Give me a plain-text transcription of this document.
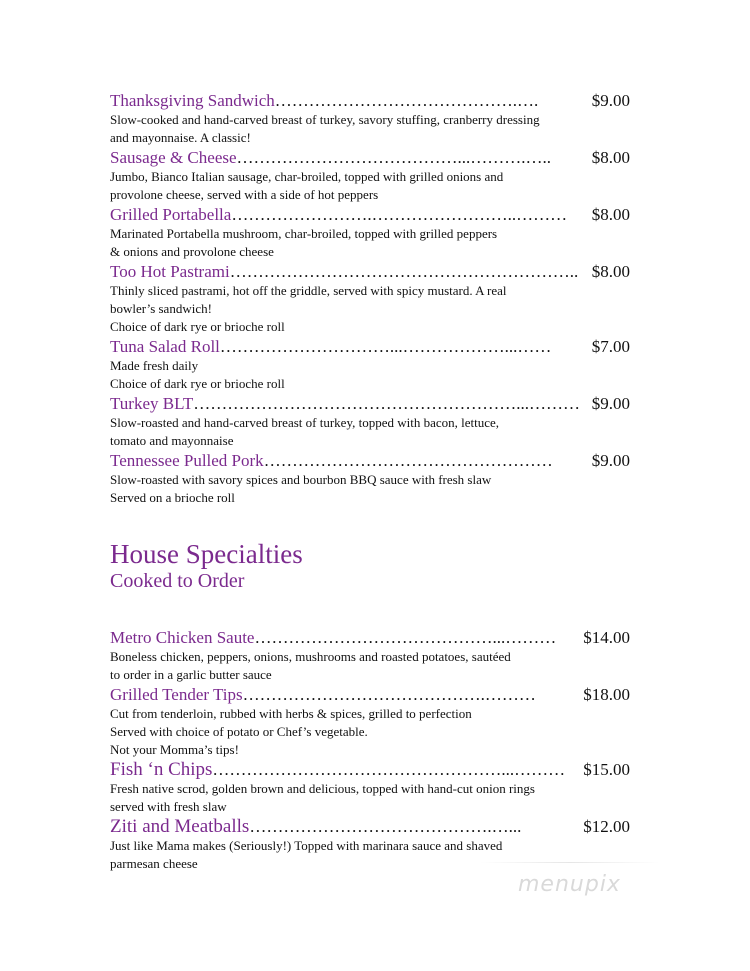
Thanksgiving Sandwich …………………………………….….	$9.00
Slow-cooked and hand-carved breast of turkey, savory stuffing, cranberry dressing
and mayonnaise. A classic!
Sausage & Cheese …………………………………...……….…..	$8.00
Jumbo, Bianco Italian sausage, char-broiled, topped with grilled onions and
provolone cheese, served with a side of hot peppers
Grilled Portabella …………………….……………………..………	$8.00
Marinated Portabella mushroom, char-broiled, topped with grilled peppers
& onions and provolone cheese
Too Hot Pastrami …………………………………………………….. $8.00
Thinly sliced pastrami, hot off the griddle, served with spicy mustard. A real
bowler’s sandwich!
Choice of dark rye or brioche roll
Tuna Salad Roll …………………………...………………...……	$7.00
Made fresh daily
Choice of dark rye or brioche roll
Turkey BLT …………………………………………………...……… $9.00
Slow-roasted and hand-carved breast of turkey, topped with bacon, lettuce,
tomato and mayonnaise
Tennessee Pulled Pork ……………………………………………	$9.00
Slow-roasted with savory spices and bourbon BBQ sauce with fresh slaw
Served on a brioche roll
House Specialties
Cooked to Order
Metro Chicken Saute ……………………………………...………	$14.00
Boneless chicken, peppers, onions, mushrooms and roasted potatoes, sautéed
to order in a garlic butter sauce
Grilled Tender Tips …………………………………….………	$18.00
Cut from tenderloin, rubbed with herbs & spices, grilled to perfection
Served with choice of potato or Chef’s vegetable.
Not your Momma’s tips!
Fish ‘n Chips ……………………………………………...………	$15.00
Fresh native scrod, golden brown and delicious, topped with hand-cut onion rings
served with fresh slaw
Ziti and Meatballs …………………………………….…...	$12.00
Just like Mama makes (Seriously!) Topped with marinara sauce and shaved
parmesan cheese
menupix
